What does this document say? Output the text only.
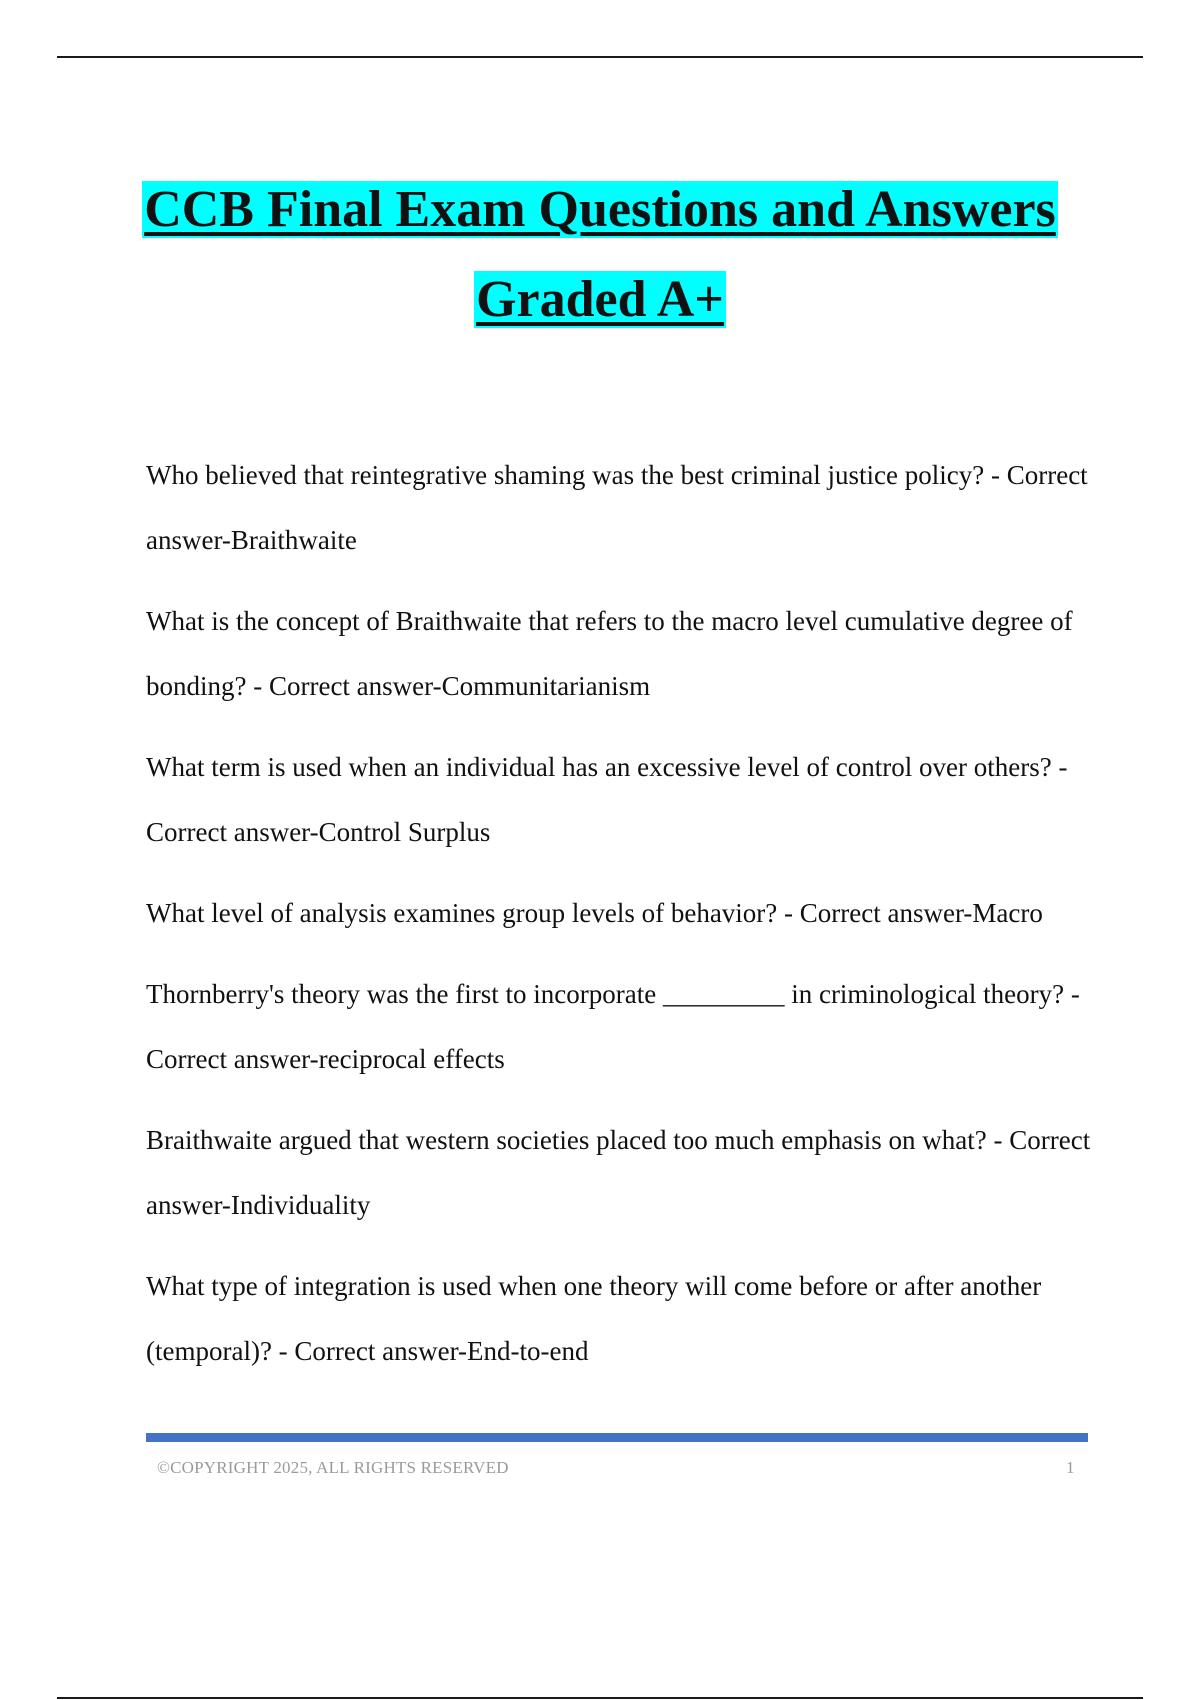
CCB Final Exam Questions and Answers
Graded A+

Who believed that reintegrative shaming was the best criminal justice policy? - Correct answer-Braithwaite

What is the concept of Braithwaite that refers to the macro level cumulative degree of bonding? - Correct answer-Communitarianism

What term is used when an individual has an excessive level of control over others? - Correct answer-Control Surplus

What level of analysis examines group levels of behavior? - Correct answer-Macro

Thornberry's theory was the first to incorporate _________ in criminological theory? - Correct answer-reciprocal effects

Braithwaite argued that western societies placed too much emphasis on what? - Correct answer-Individuality

What type of integration is used when one theory will come before or after another (temporal)? - Correct answer-End-to-end

©COPYRIGHT 2025, ALL RIGHTS RESERVED	1
